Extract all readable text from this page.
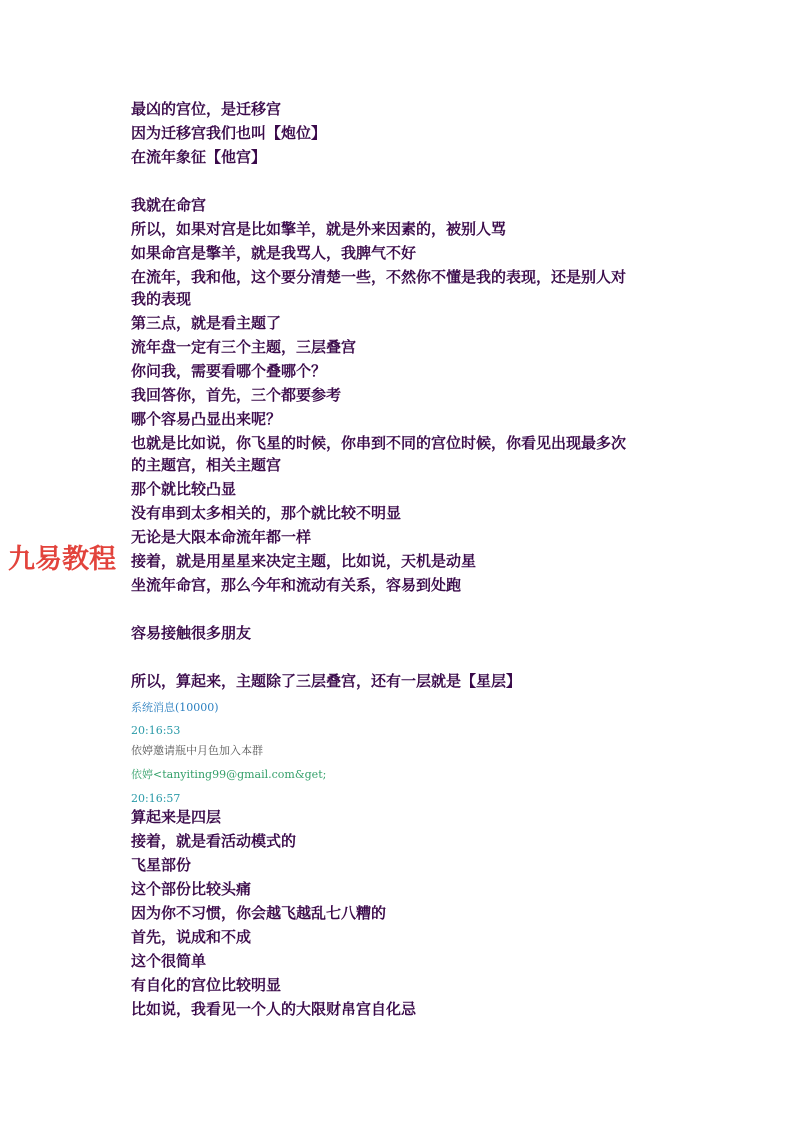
最凶的宫位，是迁移宫
因为迁移宫我们也叫【炮位】
在流年象征【他宫】
我就在命宫
所以，如果对宫是比如擎羊，就是外来因素的，被别人骂
如果命宫是擎羊，就是我骂人，我脾气不好
在流年，我和他，这个要分清楚一些，不然你不懂是我的表现，还是别人对
我的表现
第三点，就是看主题了
流年盘一定有三个主题，三层叠宫
你问我，需要看哪个叠哪个？
我回答你，首先，三个都要参考
哪个容易凸显出来呢？
也就是比如说，你飞星的时候，你串到不同的宫位时候，你看见出现最多次
的主题宫，相关主题宫
那个就比较凸显
没有串到太多相关的，那个就比较不明显
无论是大限本命流年都一样
接着，就是用星星来决定主题，比如说，天机是动星
坐流年命宫，那么今年和流动有关系，容易到处跑
容易接触很多朋友
所以，算起来，主题除了三层叠宫，还有一层就是【星层】
系统消息(10000)
20:16:53
依婷邀请瓶中月色加入本群
依婷<tanyiting99@gmail.com&get;
20:16:57
算起来是四层
接着，就是看活动模式的
飞星部份
这个部份比较头痛
因为你不习惯，你会越飞越乱七八糟的
首先，说成和不成
这个很简单
有自化的宫位比较明显
比如说，我看见一个人的大限财帛宫自化忌
九易教程
